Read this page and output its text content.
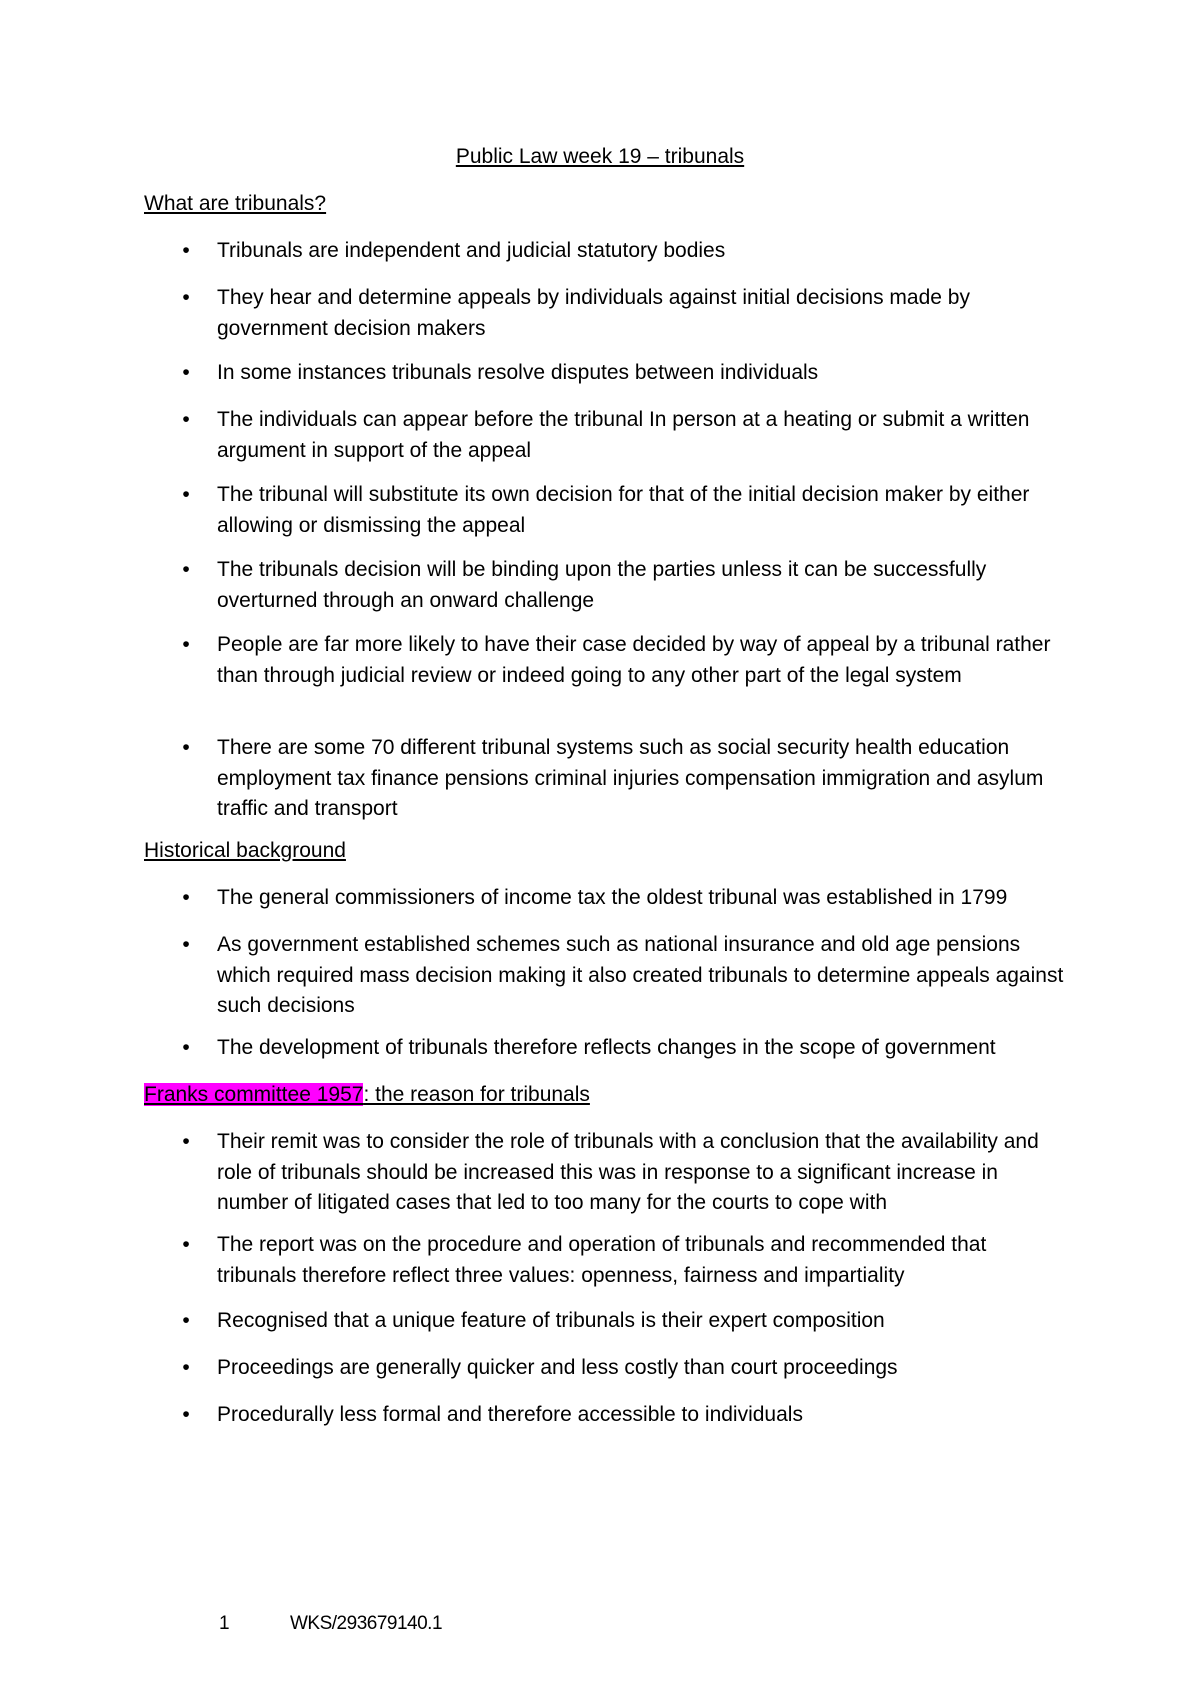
Public Law week 19 – tribunals
What are tribunals?
• Tribunals are independent and judicial statutory bodies
• They hear and determine appeals by individuals against initial decisions made by government decision makers
• In some instances tribunals resolve disputes between individuals
• The individuals can appear before the tribunal In person at a heating or submit a written argument in support of the appeal
• The tribunal will substitute its own decision for that of the initial decision maker by either allowing or dismissing the appeal
• The tribunals decision will be binding upon the parties unless it can be successfully overturned through an onward challenge
• People are far more likely to have their case decided by way of appeal by a tribunal rather than through judicial review or indeed going to any other part of the legal system
• There are some 70 different tribunal systems such as social security health education employment tax finance pensions criminal injuries compensation immigration and asylum traffic and transport
Historical background
• The general commissioners of income tax the oldest tribunal was established in 1799
• As government established schemes such as national insurance and old age pensions which required mass decision making it also created tribunals to determine appeals against such decisions
• The development of tribunals therefore reflects changes in the scope of government
Franks committee 1957: the reason for tribunals
• Their remit was to consider the role of tribunals with a conclusion that the availability and role of tribunals should be increased this was in response to a significant increase in number of litigated cases that led to too many for the courts to cope with
• The report was on the procedure and operation of tribunals and recommended that tribunals therefore reflect three values: openness, fairness and impartiality
• Recognised that a unique feature of tribunals is their expert composition
• Proceedings are generally quicker and less costly than court proceedings
• Procedurally less formal and therefore accessible to individuals
1	WKS/293679140.1
